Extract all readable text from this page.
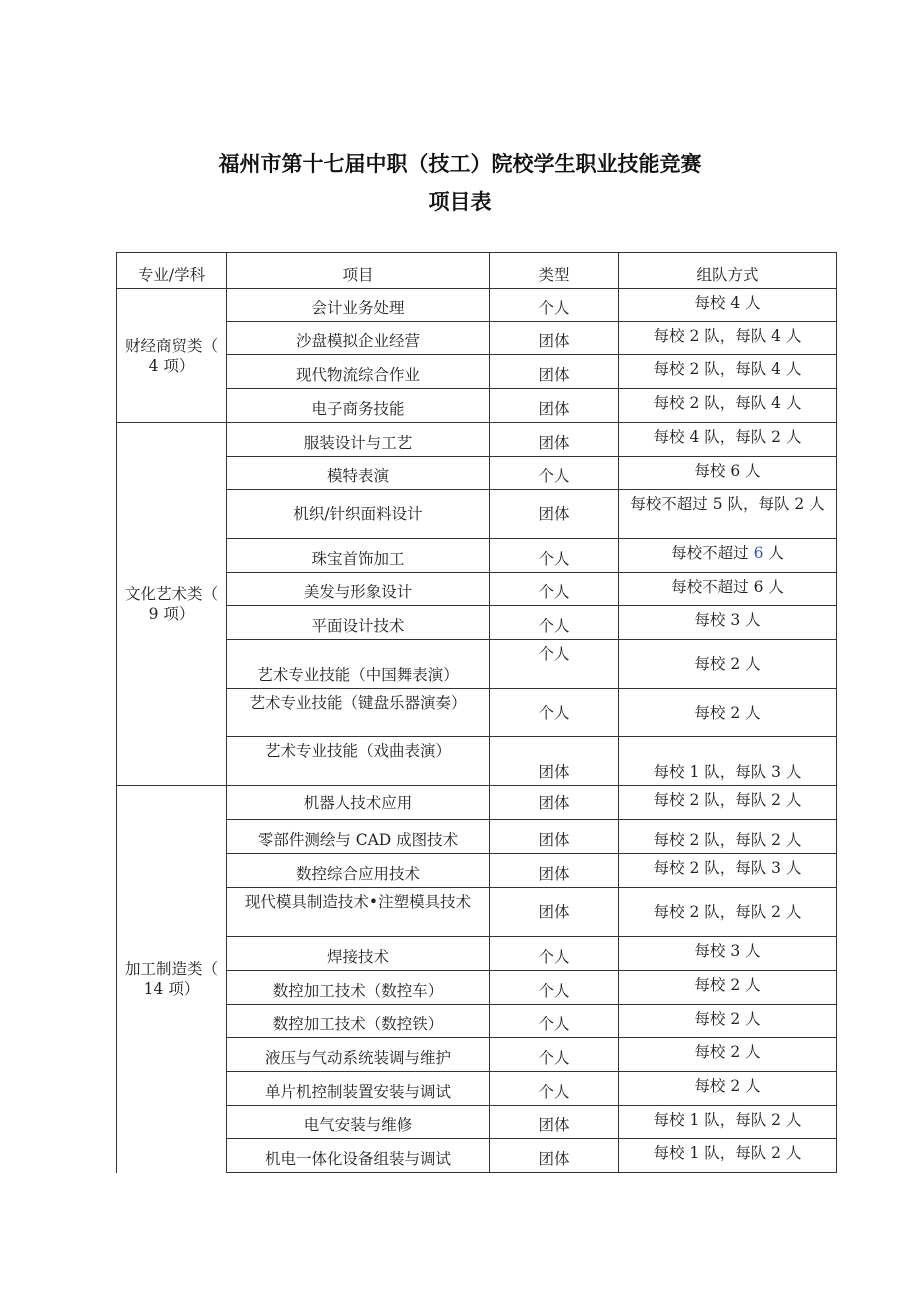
福州市第十七届中职（技工）院校学生职业技能竞赛
项目表
专业/学科	项目	类型	组队方式

财经商贸类（
4 项）	会计业务处理	个人	每校 4 人
	沙盘模拟企业经营	团体	每校 2 队，每队 4 人
	现代物流综合作业	团体	每校 2 队，每队 4 人
	电子商务技能	团体	每校 2 队，每队 4 人

文化艺术类（
9 项）	服装设计与工艺	团体	每校 4 队，每队 2 人
	模特表演	个人	每校 6 人
	机织/针织面料设计	团体	每校不超过 5 队，每队 2 人
	珠宝首饰加工	个人	每校不超过 6 人
	美发与形象设计	个人	每校不超过 6 人
	平面设计技术	个人	每校 3 人
	艺术专业技能（中国舞表演）	个人	每校 2 人
	艺术专业技能（键盘乐器演奏）	个人	每校 2 人
	艺术专业技能（戏曲表演）	团体	每校 1 队，每队 3 人

加工制造类（
14 项）	机器人技术应用	团体	每校 2 队，每队 2 人
	零部件测绘与 CAD 成图技术	团体	每校 2 队，每队 2 人
	数控综合应用技术	团体	每校 2 队，每队 3 人
	现代模具制造技术•注塑模具技术	团体	每校 2 队，每队 2 人
	焊接技术	个人	每校 3 人
	数控加工技术（数控车）	个人	每校 2 人
	数控加工技术（数控铁）	个人	每校 2 人
	液压与气动系统装调与维护	个人	每校 2 人
	单片机控制装置安装与调试	个人	每校 2 人
	电气安装与维修	团体	每校 1 队，每队 2 人
	机电一体化设备组装与调试	团体	每校 1 队，每队 2 人
